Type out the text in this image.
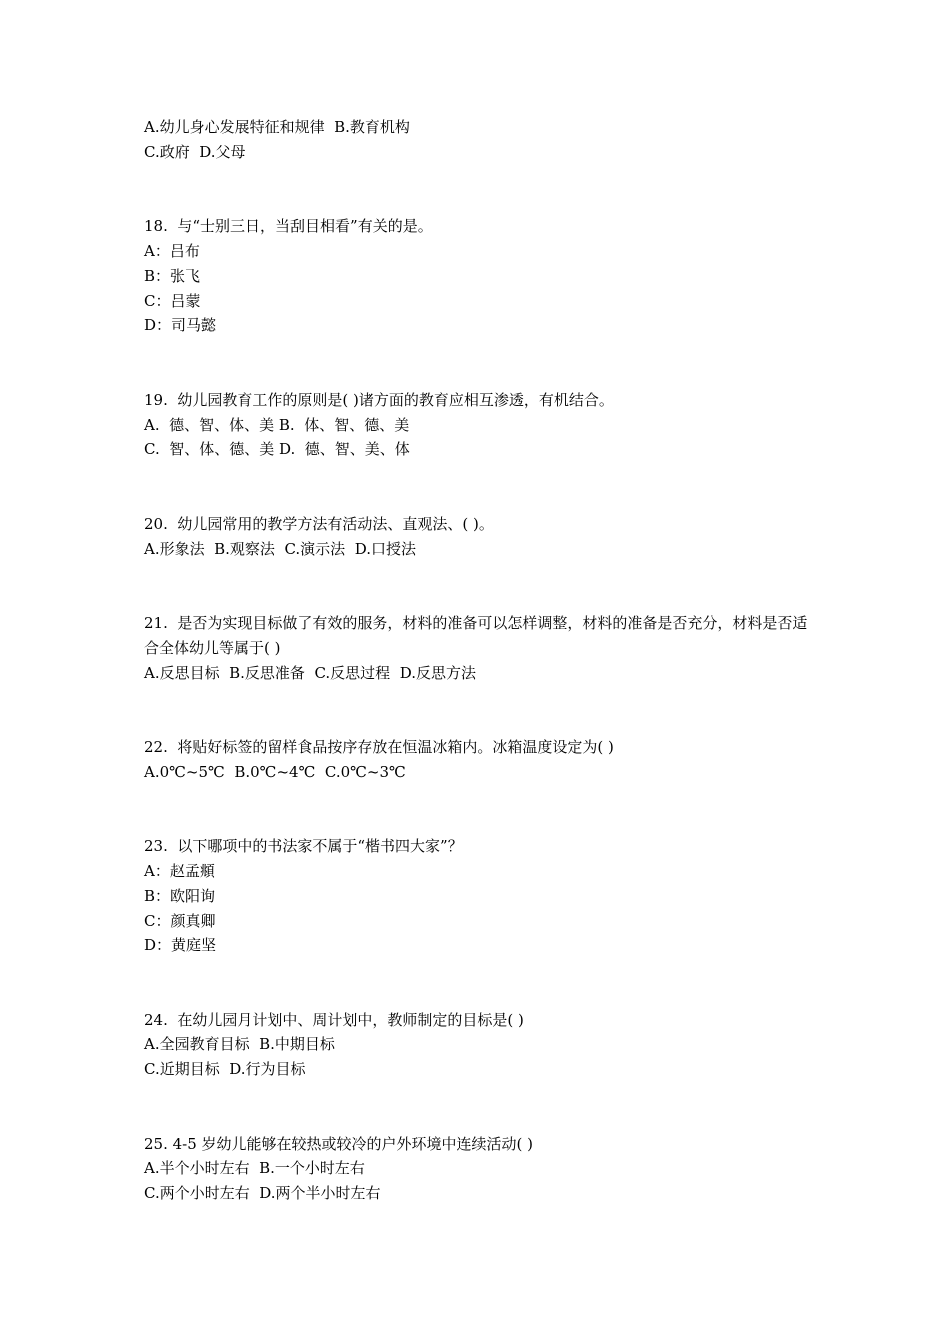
A.幼儿身心发展特征和规律  B.教育机构
C.政府  D.父母
18.  与“士别三日，当刮目相看”有关的是。
A：吕布
B：张飞
C：吕蒙
D：司马懿
19.  幼儿园教育工作的原则是( )诸方面的教育应相互渗透，有机结合。
A.  德、智、体、美 B.  体、智、德、美
C.  智、体、德、美 D.  德、智、美、体
20.  幼儿园常用的教学方法有活动法、直观法、( )。
A.形象法  B.观察法  C.演示法  D.口授法
21.  是否为实现目标做了有效的服务，材料的准备可以怎样调整，材料的准备是否充分，材料是否适合全体幼儿等属于( )
A.反思目标  B.反思准备  C.反思过程  D.反思方法
22.  将贴好标签的留样食品按序存放在恒温冰箱内。冰箱温度设定为( )
A.0℃~5℃  B.0℃~4℃  C.0℃~3℃
23.  以下哪项中的书法家不属于“楷书四大家”？
A：赵孟頫
B：欧阳询
C：颜真卿
D：黄庭坚
24.  在幼儿园月计划中、周计划中，教师制定的目标是( )
A.全园教育目标  B.中期目标
C.近期目标  D.行为目标
25. 4-5 岁幼儿能够在较热或较冷的户外环境中连续活动( )
A.半个小时左右  B.一个小时左右
C.两个小时左右  D.两个半小时左右
